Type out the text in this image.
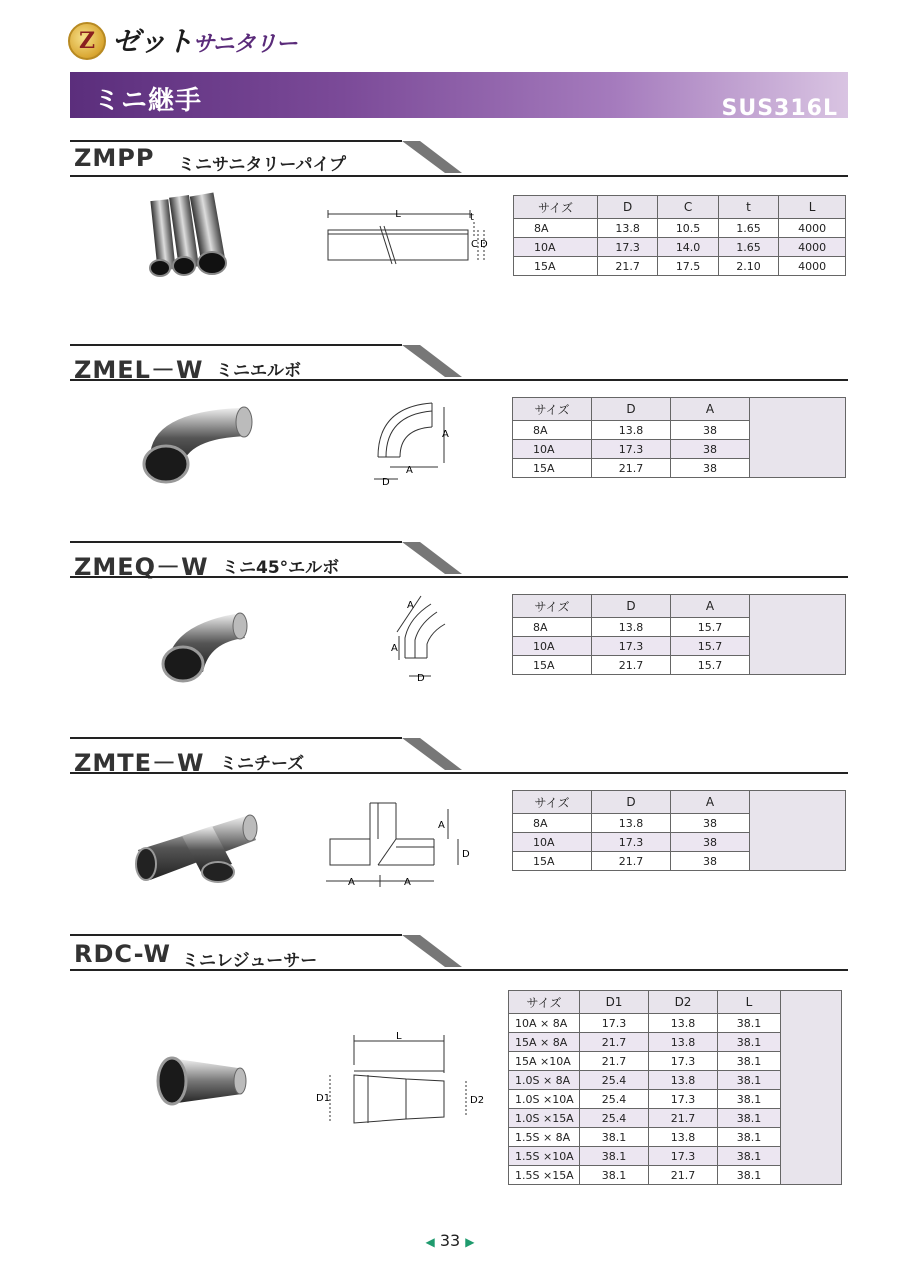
Z ゼットサニタリー
ミニ継手	SUS316L
ZMPP ミニサニタリーパイプ
L	t
C D
サイズ	D	C	t	L
8A	13.8	10.5	1.65	4000
10A	17.3	14.0	1.65	4000
15A	21.7	17.5	2.10	4000
ZMEL－W ミニエルボ
A
A
D
サイズ	D	A	
8A	13.8	38	
10A	17.3	38	
15A	21.7	38	
ZMEQ－W ミニ45°エルボ
A
A
D
サイズ	D	A	
8A	13.8	15.7	
10A	17.3	15.7	
15A	21.7	15.7	
ZMTE－W ミニチーズ
A
D
A	A
サイズ	D	A	
8A	13.8	38	
10A	17.3	38	
15A	21.7	38	
RDC-W ミニレジューサー
L
D1	D2
サイズ	D1	D2	L	
10A × 8A	17.3	13.8	38.1	
15A × 8A	21.7	13.8	38.1	
15A ×10A	21.7	17.3	38.1	
1.0S × 8A	25.4	13.8	38.1	
1.0S ×10A	25.4	17.3	38.1	
1.0S ×15A	25.4	21.7	38.1	
1.5S × 8A	38.1	13.8	38.1	
1.5S ×10A	38.1	17.3	38.1	
1.5S ×15A	38.1	21.7	38.1	
◀ 33 ▶
